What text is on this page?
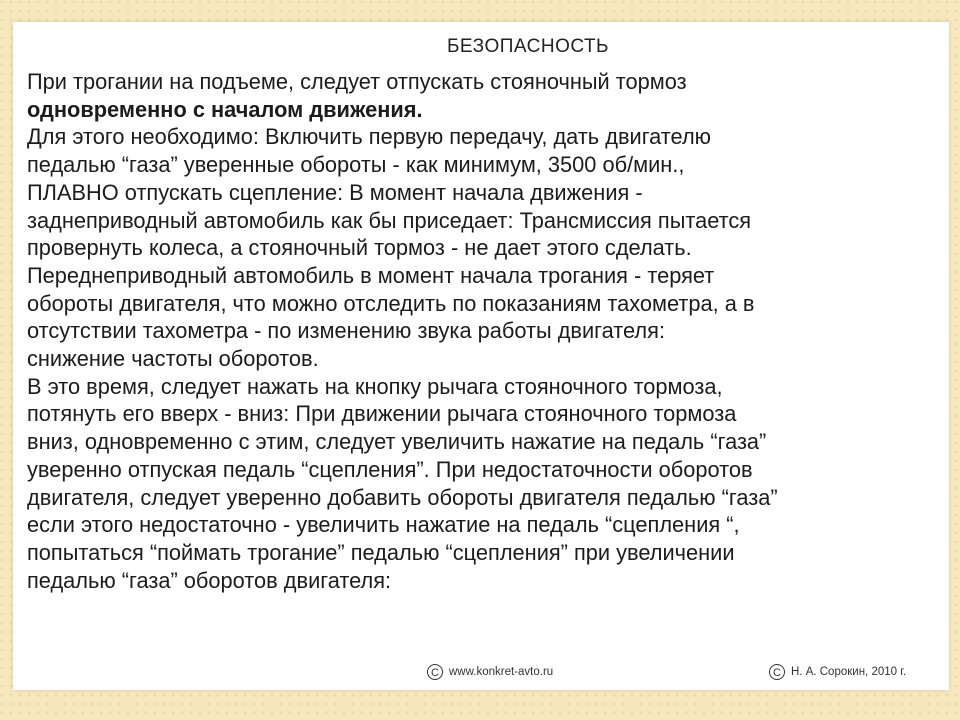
БЕЗОПАСНОСТЬ

При трогании на подъеме, следует отпускать стояночный тормоз
одновременно с началом движения.
Для этого необходимо: Включить первую передачу, дать двигателю
педалью “газа” уверенные обороты - как минимум, 3500 об/мин.,
ПЛАВНО отпускать сцепление: В момент начала движения -
заднеприводный автомобиль как бы приседает: Трансмиссия пытается
провернуть колеса, а стояночный тормоз - не дает этого сделать.
Переднеприводный автомобиль в момент начала трогания - теряет
обороты двигателя, что можно отследить по показаниям тахометра, а в
отсутствии тахометра - по изменению звука работы двигателя:
снижение частоты оборотов.
В это время, следует нажать на кнопку рычага стояночного тормоза,
потянуть его вверх - вниз: При движении рычага стояночного тормоза
вниз, одновременно с этим, следует увеличить нажатие на педаль “газа”
уверенно отпуская педаль “сцепления”. При недостаточности оборотов
двигателя, следует уверенно добавить обороты двигателя педалью “газа”
если этого недостаточно - увеличить нажатие на педаль “сцепления “,
попытаться “поймать трогание” педалью “сцепления” при увеличении
педалью “газа” оборотов двигателя:

C www.konkret-avto.ru	C Н. А. Сорокин, 2010 г.
